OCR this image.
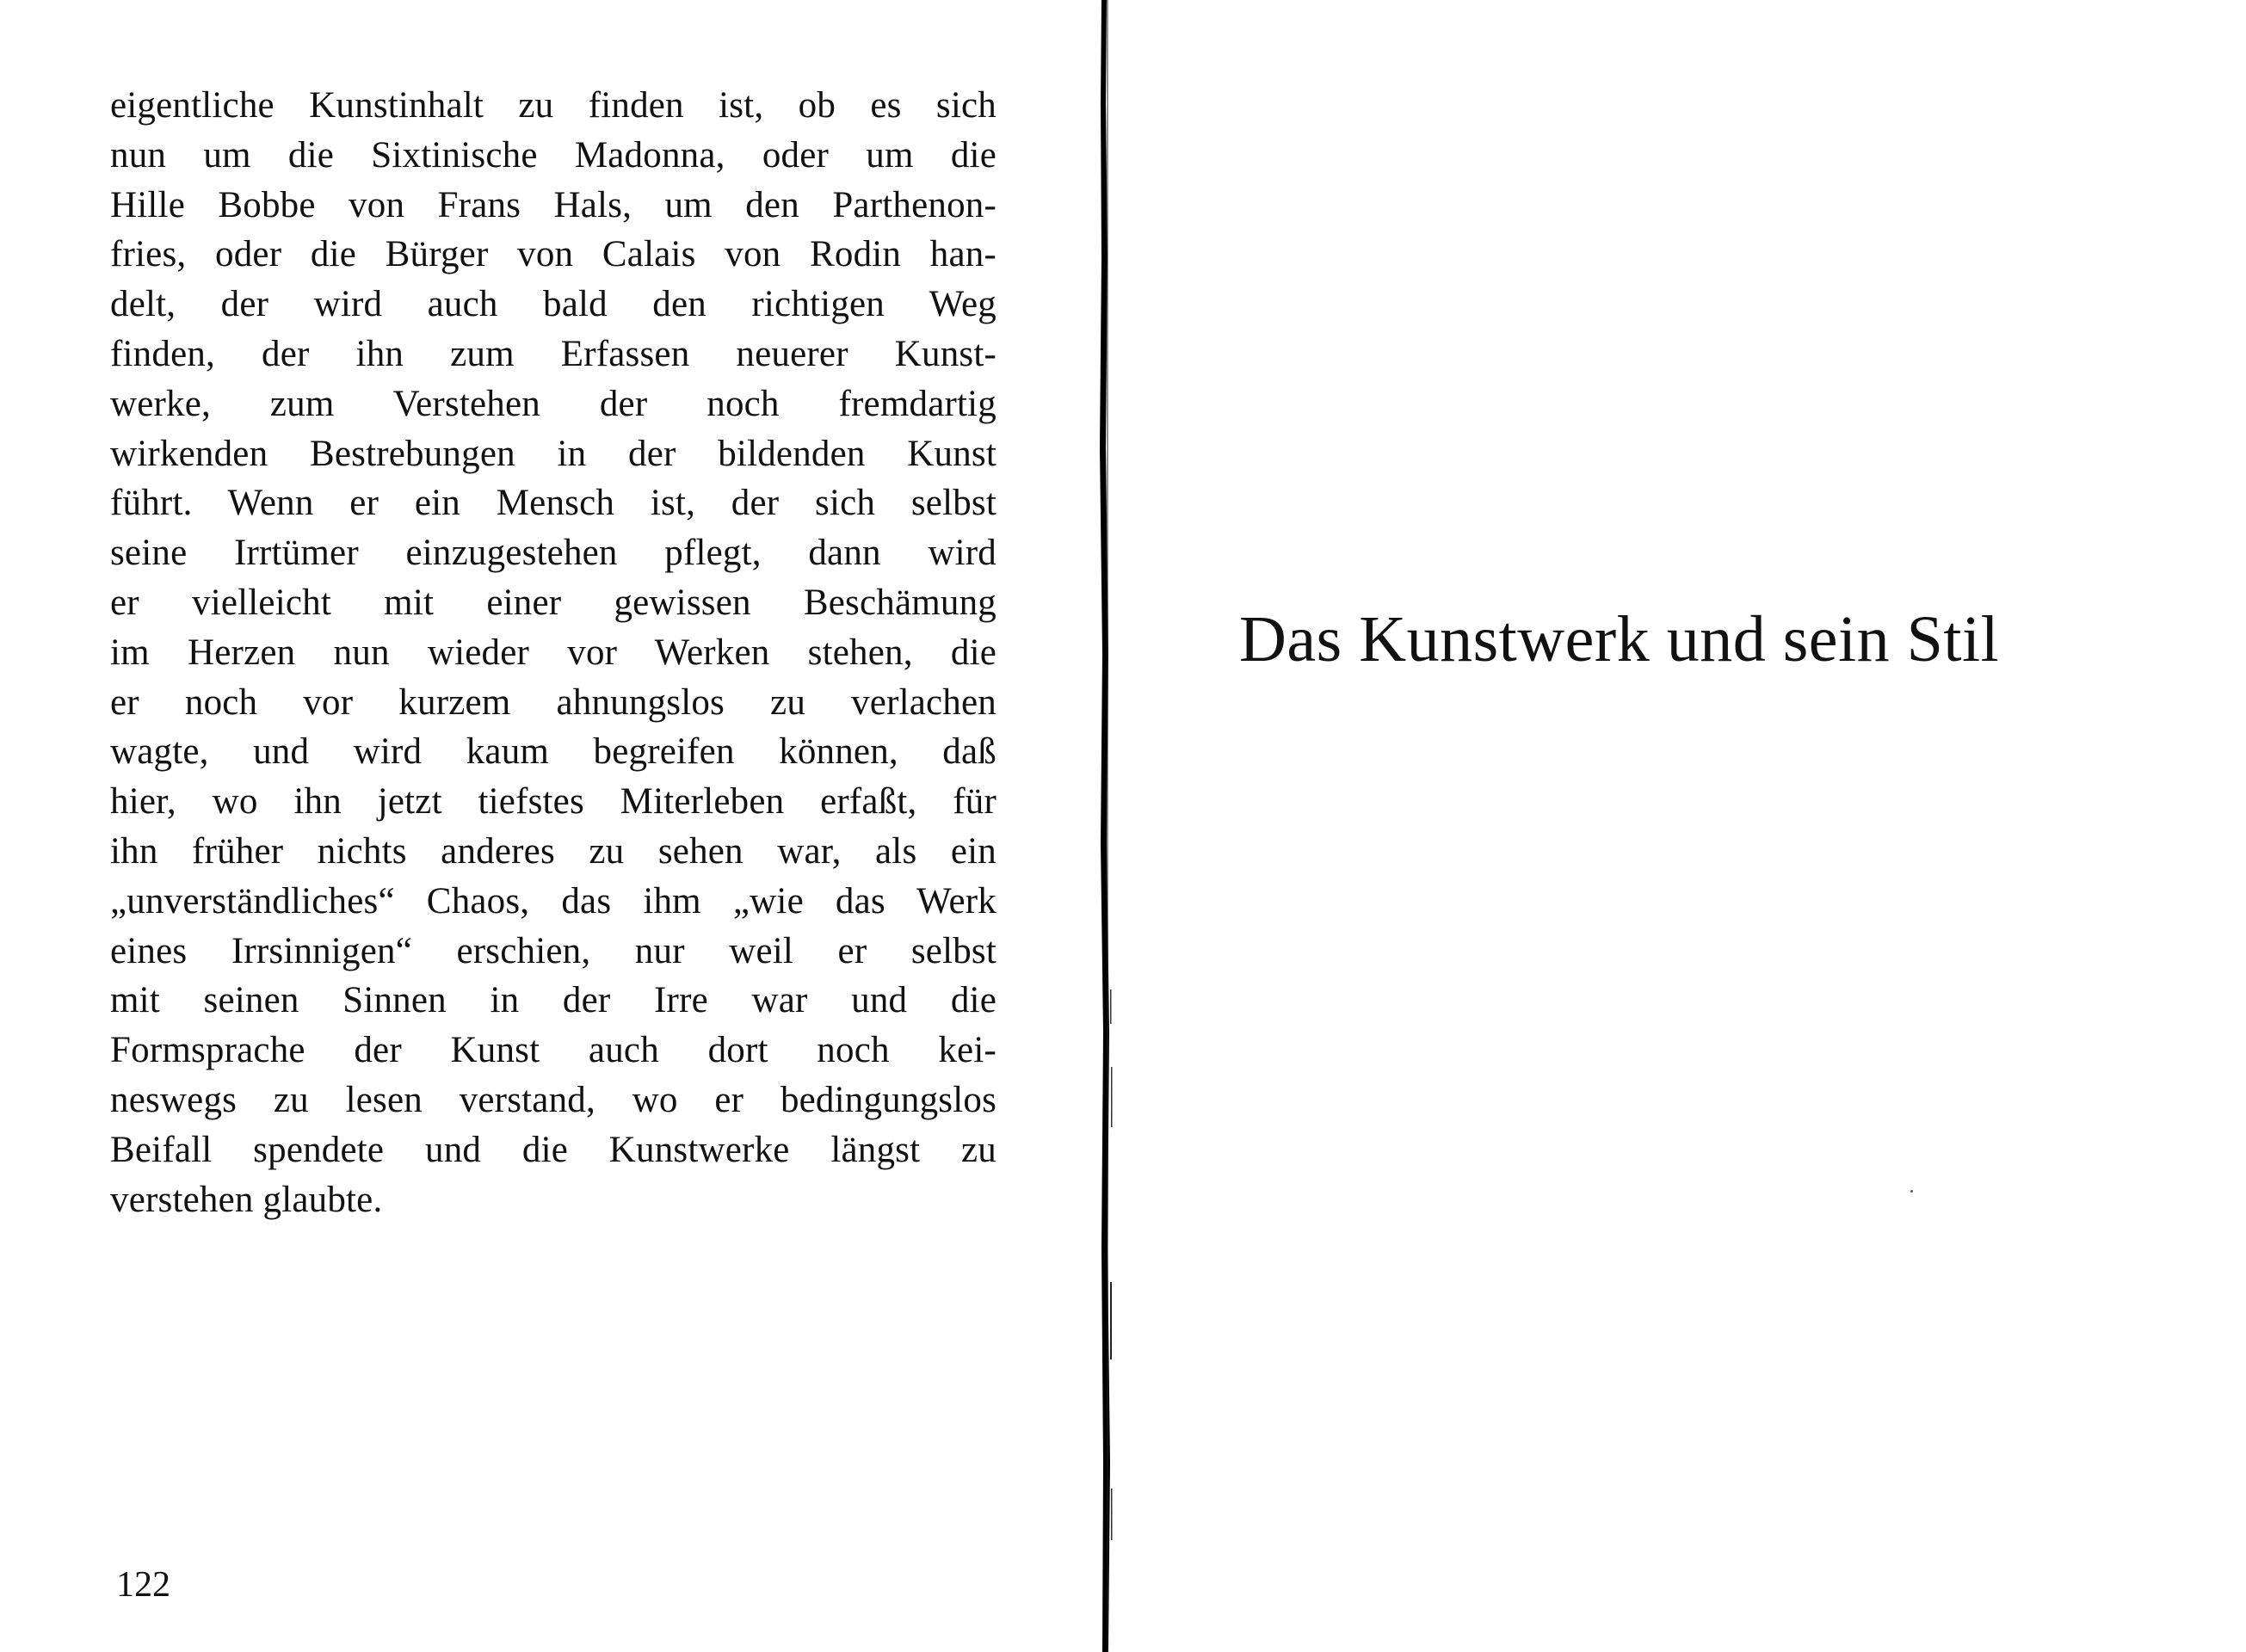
eigentliche Kunstinhalt zu finden ist, ob es sich
nun um die Sixtinische Madonna, oder um die
Hille Bobbe von Frans Hals, um den Parthenon-
fries, oder die Bürger von Calais von Rodin han-
delt, der wird auch bald den richtigen Weg
finden, der ihn zum Erfassen neuerer Kunst-
werke, zum Verstehen der noch fremdartig
wirkenden Bestrebungen in der bildenden Kunst
führt. Wenn er ein Mensch ist, der sich selbst
seine Irrtümer einzugestehen pflegt, dann wird
er vielleicht mit einer gewissen Beschämung
im Herzen nun wieder vor Werken stehen, die
er noch vor kurzem ahnungslos zu verlachen
wagte, und wird kaum begreifen können, daß
hier, wo ihn jetzt tiefstes Miterleben erfaßt, für
ihn früher nichts anderes zu sehen war, als ein
„unverständliches“ Chaos, das ihm „wie das Werk
eines Irrsinnigen“ erschien, nur weil er selbst
mit seinen Sinnen in der Irre war und die
Formsprache der Kunst auch dort noch kei-
neswegs zu lesen verstand, wo er bedingungslos
Beifall spendete und die Kunstwerke längst zu
verstehen glaubte.
122
Das Kunstwerk und sein Stil
